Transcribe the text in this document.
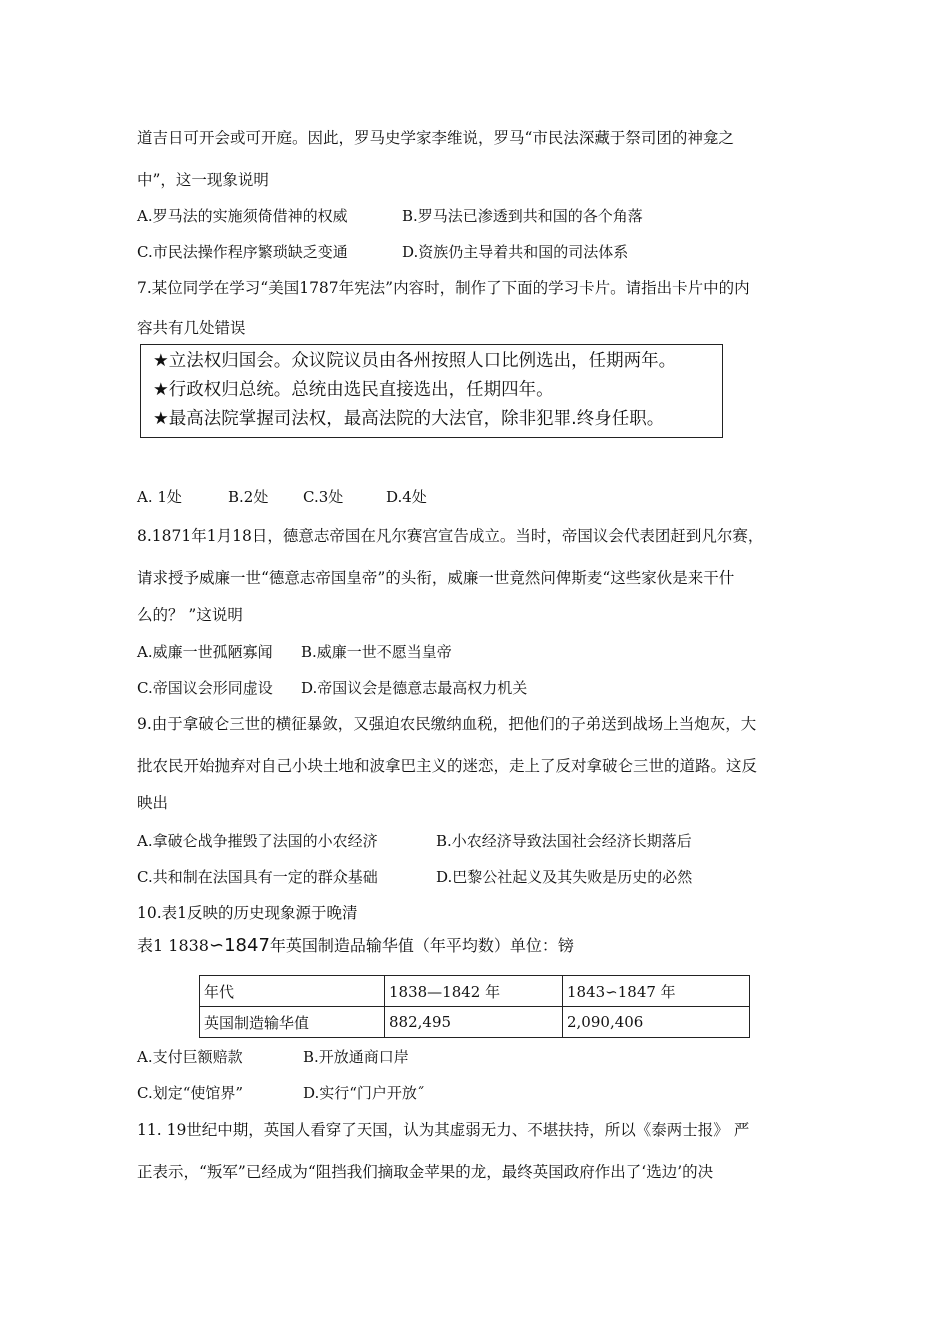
道吉日可开会或可开庭。因此，罗马史学家李维说，罗马“市民法深藏于祭司团的神龛之
中”，这一现象说明
A.罗马法的实施须倚借神的权威	B.罗马法已渗透到共和国的各个角落
C.市民法操作程序繁琐缺乏变通	D.资族仍主导着共和国的司法体系
7.某位同学在学习“美国1787年宪法”内容时，制作了下面的学习卡片。请指出卡片中的内
容共有几处错误
★立法权归国会。众议院议员由各州按照人口比例选出，任期两年。
★行政权归总统。总统由选民直接选出，任期四年。
★最高法院掌握司法权，最高法院的大法官，除非犯罪.终身任职。
A. 1处	B.2处 C.3处	D.4处
8.1871年1月18日，德意志帝国在凡尔赛宫宣告成立。当时，帝国议会代表团赶到凡尔赛，
请求授予威廉一世“德意志帝国皇帝”的头衔，威廉一世竟然问俾斯麦“这些家伙是来干什
么的？ ”这说明
A.威廉一世孤陋寡闻 B.威廉一世不愿当皇帝
C.帝国议会形同虚设 D.帝国议会是德意志最高权力机关
9.由于拿破仑三世的横征暴敛，又强迫农民缴纳血税，把他们的子弟送到战场上当炮灰，大
批农民开始抛弃对自己小块土地和波拿巴主义的迷恋，走上了反对拿破仑三世的道路。这反
映出
A.拿破仑战争摧毁了法国的小农经济	B.小农经济导致法国社会经济长期落后
C.共和制在法国具有一定的群众基础	D.巴黎公社起义及其失败是历史的必然
10.表1反映的历史现象源于晚清
表1 1838∽1847年英国制造品输华值（年平均数）单位：镑
年代	1838—1842 年	1843∽1847 年
英国制造输华值	882,495	2,090,406
A.支付巨额赔款	B.开放通商口岸
C.划定“使馆界”	D.实行“门户开放˝
11. 19世纪中期，英国人看穿了天国，认为其虚弱无力、不堪扶持，所以《泰两士报》 严
正表示，“叛军”已经成为“阻挡我们摘取金苹果的龙，最终英国政府作出了‘选边’的决
